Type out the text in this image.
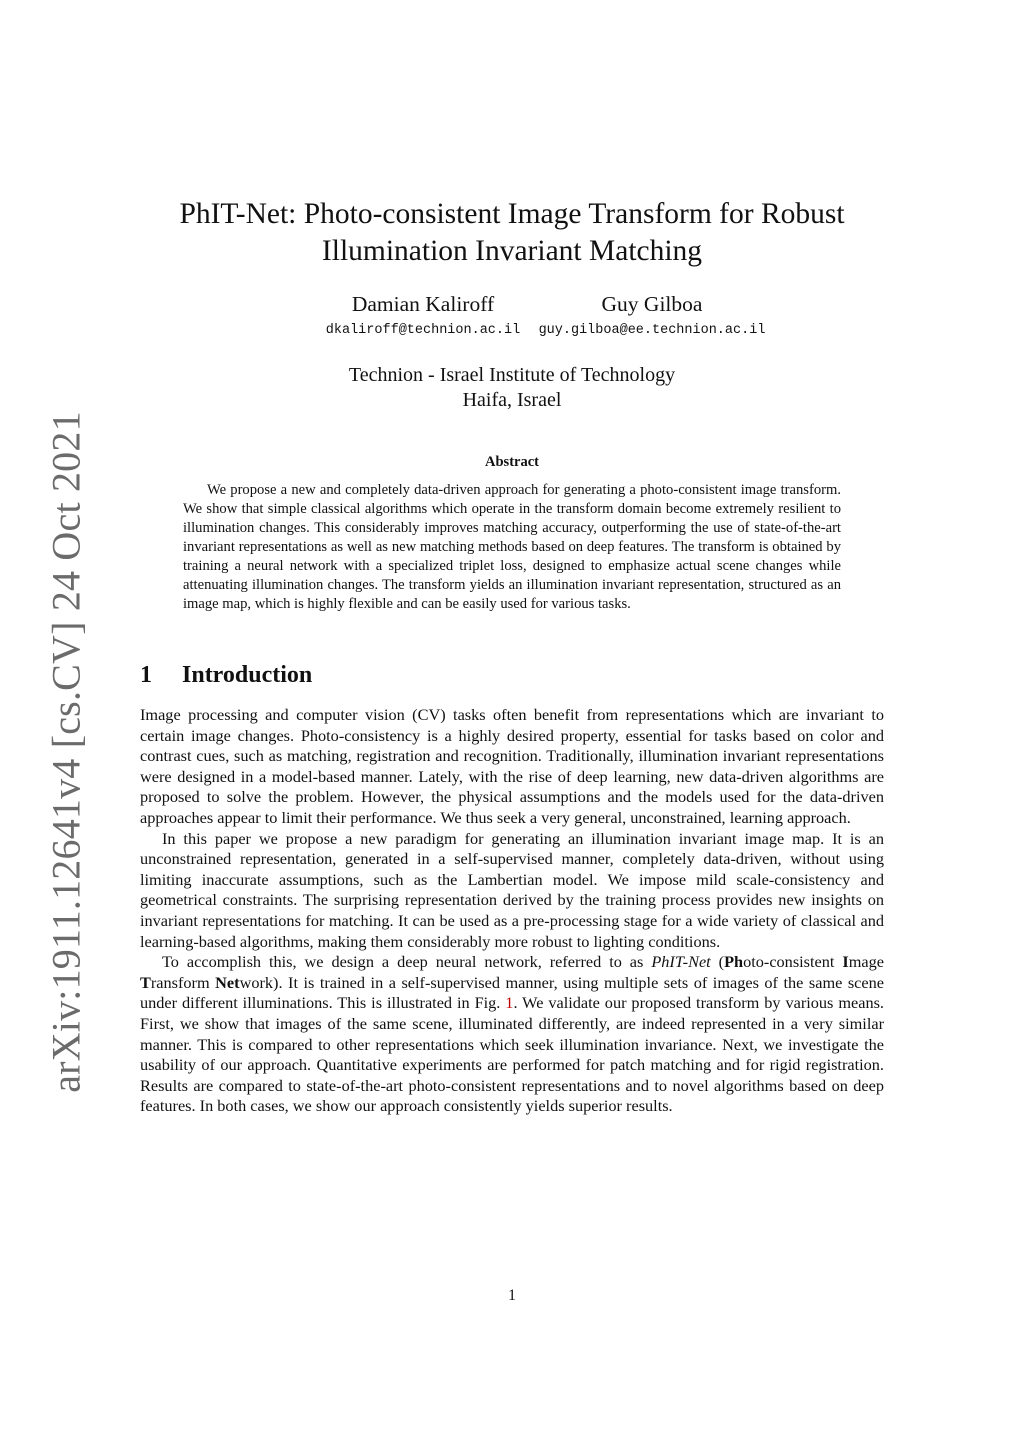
arXiv:1911.12641v4 [cs.CV] 24 Oct 2021
PhIT-Net: Photo-consistent Image Transform for Robust
Illumination Invariant Matching
Damian Kaliroff
dkaliroff@technion.ac.il
Guy Gilboa
guy.gilboa@ee.technion.ac.il
Technion - Israel Institute of Technology
Haifa, Israel
Abstract

We propose a new and completely data-driven approach for generating a photo-consistent image transform. We show that simple classical algorithms which operate in the transform domain become extremely resilient to illumination changes. This considerably improves matching accuracy, outperforming the use of state-of-the-art invariant representations as well as new matching methods based on deep features. The transform is obtained by training a neural network with a specialized triplet loss, designed to emphasize actual scene changes while attenuating illumination changes. The transform yields an illumination invariant representation, structured as an image map, which is highly flexible and can be easily used for various tasks.

1 Introduction

Image processing and computer vision (CV) tasks often benefit from representations which are invariant to certain image changes. Photo-consistency is a highly desired property, essential for tasks based on color and contrast cues, such as matching, registration and recognition. Traditionally, illumination invariant representations were designed in a model-based manner. Lately, with the rise of deep learning, new data-driven algorithms are proposed to solve the problem. However, the physical assumptions and the models used for the data-driven approaches appear to limit their performance. We thus seek a very general, unconstrained, learning approach.

In this paper we propose a new paradigm for generating an illumination invariant image map. It is an unconstrained representation, generated in a self-supervised manner, completely data-driven, without using limiting inaccurate assumptions, such as the Lambertian model. We impose mild scale-consistency and geometrical constraints. The surprising representation derived by the training process provides new insights on invariant representations for matching. It can be used as a pre-processing stage for a wide variety of classical and learning-based algorithms, making them considerably more robust to lighting conditions.

To accomplish this, we design a deep neural network, referred to as PhIT-Net (Photo-consistent Image Transform Network). It is trained in a self-supervised manner, using multiple sets of images of the same scene under different illuminations. This is illustrated in Fig. 1. We validate our proposed transform by various means. First, we show that images of the same scene, illuminated differently, are indeed represented in a very similar manner. This is compared to other representations which seek illumination invariance. Next, we investigate the usability of our approach. Quantitative experiments are performed for patch matching and for rigid registration. Results are compared to state-of-the-art photo-consistent representations and to novel algorithms based on deep features. In both cases, we show our approach consistently yields superior results.

1
